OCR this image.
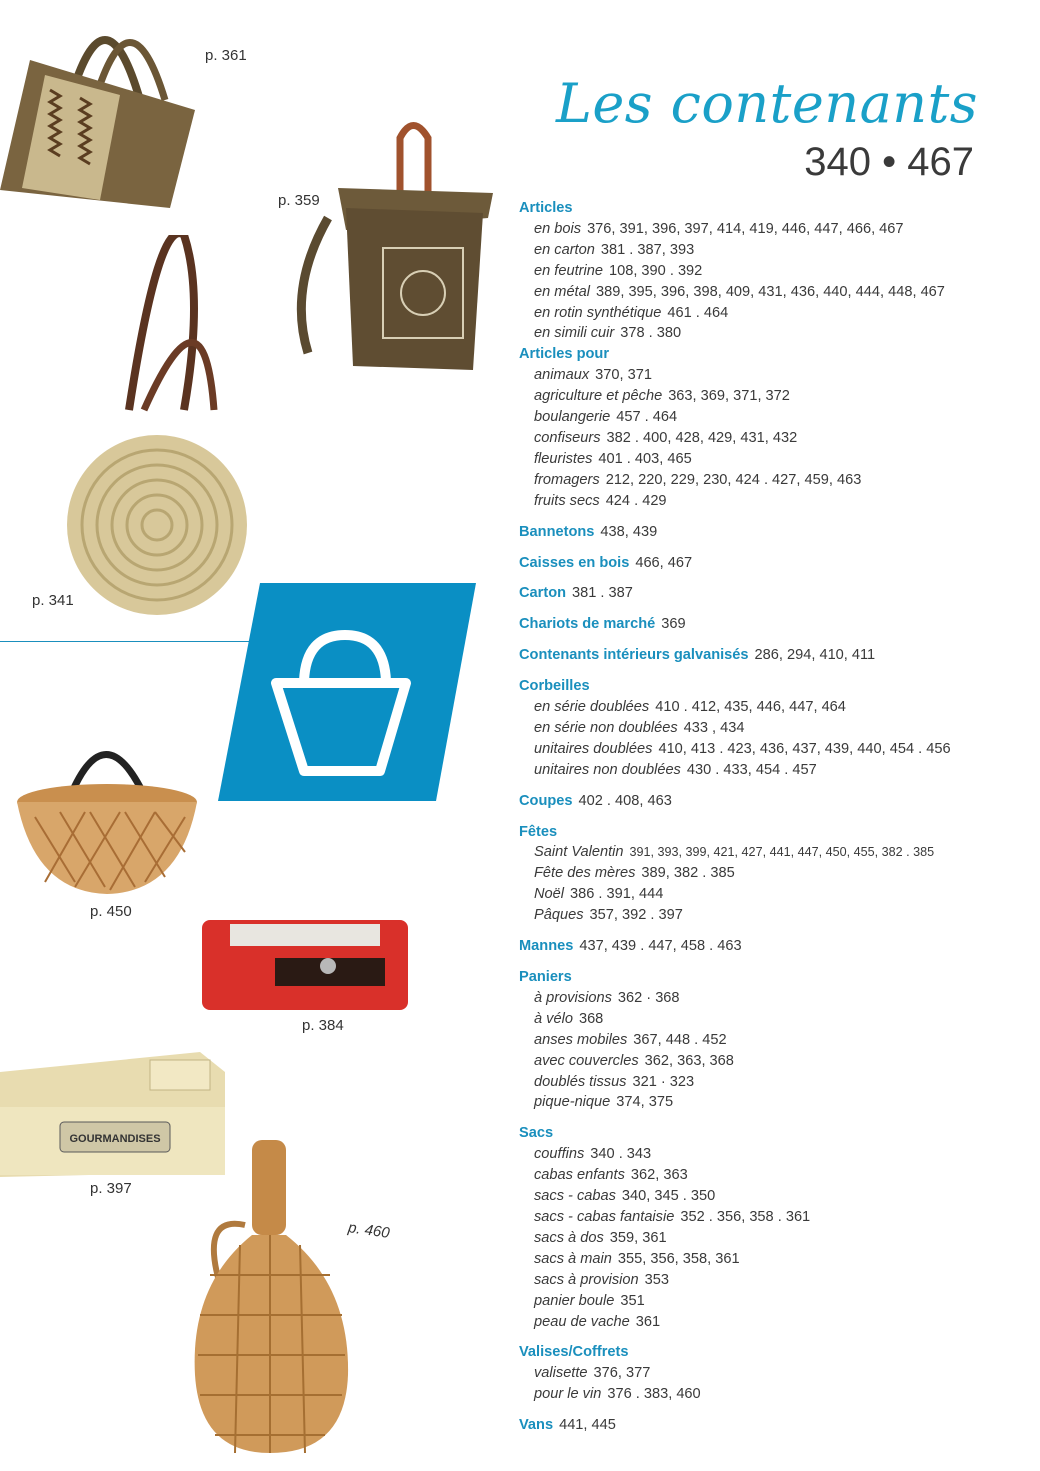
Les contenants
340 • 467
p. 361
p. 359
p. 341
p. 450
p. 384
GOURMANDISES
p. 397
p. 460
Articles
en bois 376, 391, 396, 397, 414, 419, 446, 447, 466, 467
en carton 381 . 387, 393
en feutrine 108, 390 . 392
en métal 389, 395, 396, 398, 409, 431, 436, 440, 444, 448, 467
en rotin synthétique 461 . 464
en simili cuir 378 . 380
Articles pour
animaux 370, 371
agriculture et pêche 363, 369, 371, 372
boulangerie 457 . 464
confiseurs 382 . 400, 428, 429, 431, 432
fleuristes 401 . 403, 465
fromagers 212, 220, 229, 230, 424 . 427, 459, 463
fruits secs 424 . 429
Bannetons 438, 439
Caisses en bois 466, 467
Carton 381 . 387
Chariots de marché 369
Contenants intérieurs galvanisés 286, 294, 410, 411
Corbeilles
en série doublées 410 . 412, 435, 446, 447, 464
en série non doublées 433 , 434
unitaires doublées 410, 413 . 423, 436, 437, 439, 440, 454 . 456
unitaires non doublées 430 . 433, 454 . 457
Coupes 402 . 408, 463
Fêtes
Saint Valentin 391, 393, 399, 421, 427, 441, 447, 450, 455, 382 . 385
Fête des mères 389, 382 . 385
Noël 386 . 391, 444
Pâques 357, 392 . 397
Mannes 437, 439 . 447, 458 . 463
Paniers
à provisions 362 · 368
à vélo 368
anses mobiles 367, 448 . 452
avec couvercles 362, 363, 368
doublés tissus 321 · 323
pique-nique 374, 375
Sacs
couffins 340 . 343
cabas enfants 362, 363
sacs - cabas 340, 345 . 350
sacs - cabas fantaisie 352 . 356, 358 . 361
sacs à dos 359, 361
sacs à main 355, 356, 358, 361
sacs à provision 353
panier boule 351
peau de vache 361
Valises/Coffrets
valisette 376, 377
pour le vin 376 . 383, 460
Vans 441, 445
